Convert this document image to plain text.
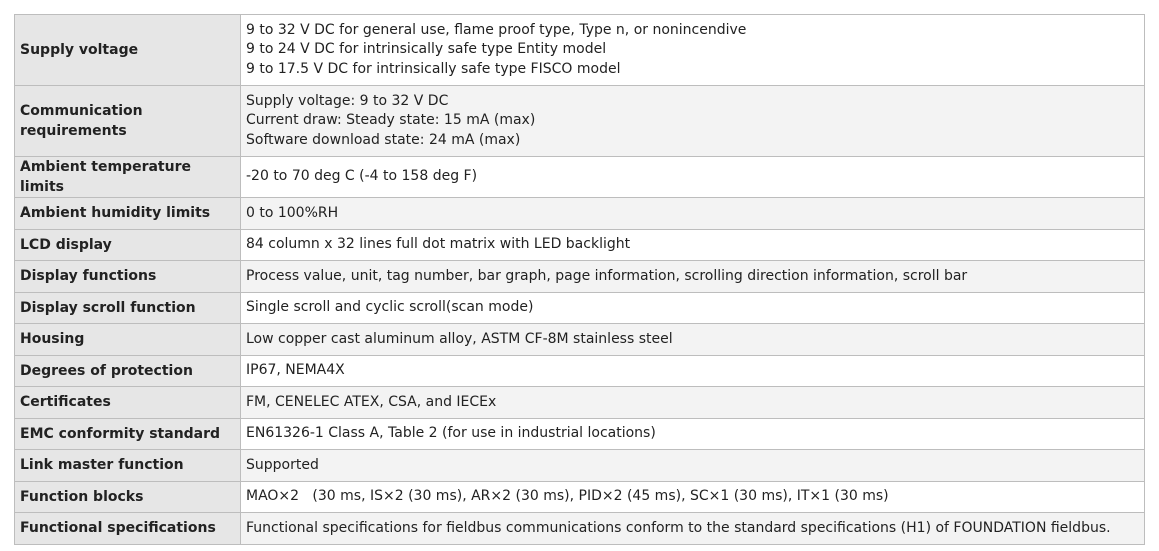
Supply voltage	9 to 32 V DC for general use, flame proof type, Type n, or nonincendive
9 to 24 V DC for intrinsically safe type Entity model
9 to 17.5 V DC for intrinsically safe type FISCO model

Communication requirements	Supply voltage: 9 to 32 V DC
Current draw: Steady state: 15 mA (max)
Software download state: 24 mA (max)

Ambient temperature limits	-20 to 70 deg C (-4 to 158 deg F)
Ambient humidity limits	0 to 100%RH
LCD display	84 column x 32 lines full dot matrix with LED backlight
Display functions	Process value, unit, tag number, bar graph, page information, scrolling direction information, scroll bar
Display scroll function	Single scroll and cyclic scroll(scan mode)
Housing	Low copper cast aluminum alloy, ASTM CF-8M stainless steel
Degrees of protection	IP67, NEMA4X
Certificates	FM, CENELEC ATEX, CSA, and IECEx
EMC conformity standard	EN61326-1 Class A, Table 2 (for use in industrial locations)
Link master function	Supported
Function blocks	MAO×2   (30 ms, IS×2 (30 ms), AR×2 (30 ms), PID×2 (45 ms), SC×1 (30 ms), IT×1 (30 ms)
Functional specifications	Functional specifications for fieldbus communications conform to the standard specifications (H1) of FOUNDATION fieldbus.
